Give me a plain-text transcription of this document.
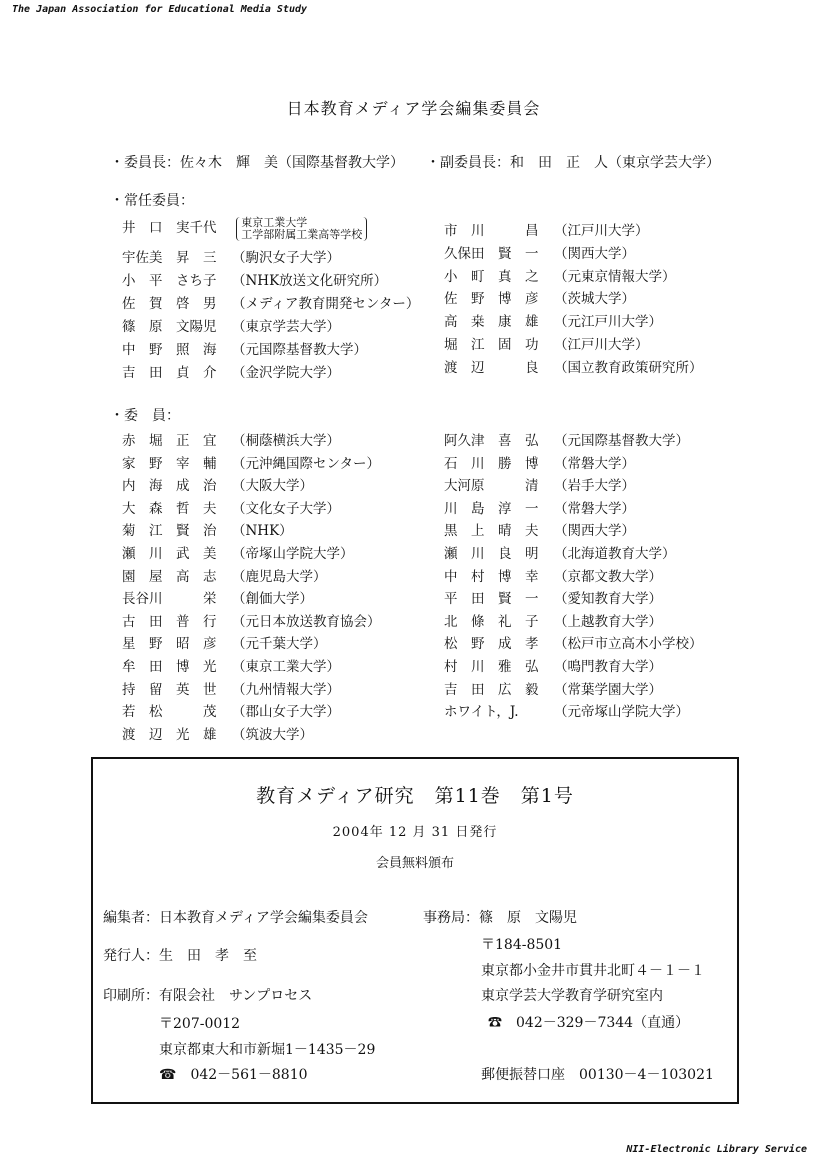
The Japan Association for Educational Media Study
日本教育メディア学会編集委員会
・委員長：佐々木　輝　美（国際基督教大学） ・副委員長：和　田　正　人（東京学芸大学）
・常任委員：
井　口　実千代 東京工業大学
工学部附属工業高等学校
宇佐美　昇　三 （駒沢女子大学）
小　平　さち子 （NHK放送文化研究所）
佐　賀　啓　男 （メディア教育開発センター）
篠　原　文陽児 （東京学芸大学）
中　野　照　海 （元国際基督教大学）
吉　田　貞　介 （金沢学院大学）
市　川　　　昌 （江戸川大学）
久保田　賢　一 （関西大学）
小　町　真　之 （元東京情報大学）
佐　野　博　彦 （茨城大学）
高　桒　康　雄 （元江戸川大学）
堀　江　固　功 （江戸川大学）
渡　辺　　　良 （国立教育政策研究所）
・委　員：
赤　堀　正　宜 （桐蔭横浜大学）
家　野　宰　輔 （元沖縄国際センター）
内　海　成　治 （大阪大学）
大　森　哲　夫 （文化女子大学）
菊　江　賢　治 （NHK）
瀬　川　武　美 （帝塚山学院大学）
園　屋　高　志 （鹿児島大学）
長谷川　　　栄 （創価大学）
古　田　普　行 （元日本放送教育協会）
星　野　昭　彦 （元千葉大学）
牟　田　博　光 （東京工業大学）
持　留　英　世 （九州情報大学）
若　松　　　茂 （郡山女子大学）
渡　辺　光　雄 （筑波大学）
阿久津　喜　弘 （元国際基督教大学）
石　川　勝　博 （常磐大学）
大河原　　　清 （岩手大学）
川　島　淳　一 （常磐大学）
黒　上　晴　夫 （関西大学）
瀬　川　良　明 （北海道教育大学）
中　村　博　幸 （京都文教大学）
平　田　賢　一 （愛知教育大学）
北　條　礼　子 （上越教育大学）
松　野　成　孝 （松戸市立高木小学校）
村　川　雅　弘 （鳴門教育大学）
吉　田　広　毅 （常葉学園大学）
ホワイト，J.	（元帝塚山学院大学）
教育メディア研究　第11巻　第1号
2004年 12 月 31 日発行
会員無料頒布
編集者：日本教育メディア学会編集委員会
発行人：生　田　孝　至
印刷所：有限会社　サンプロセス
〒207-0012
東京都東大和市新堀1－1435－29
☎　042－561－8810
事務局：篠　原　文陽児
〒184-8501
東京都小金井市貫井北町４－１－１
東京学芸大学教育学研究室内
☎　042－329－7344（直通）
郵便振替口座　00130－4－103021
NII-Electronic Library Service
